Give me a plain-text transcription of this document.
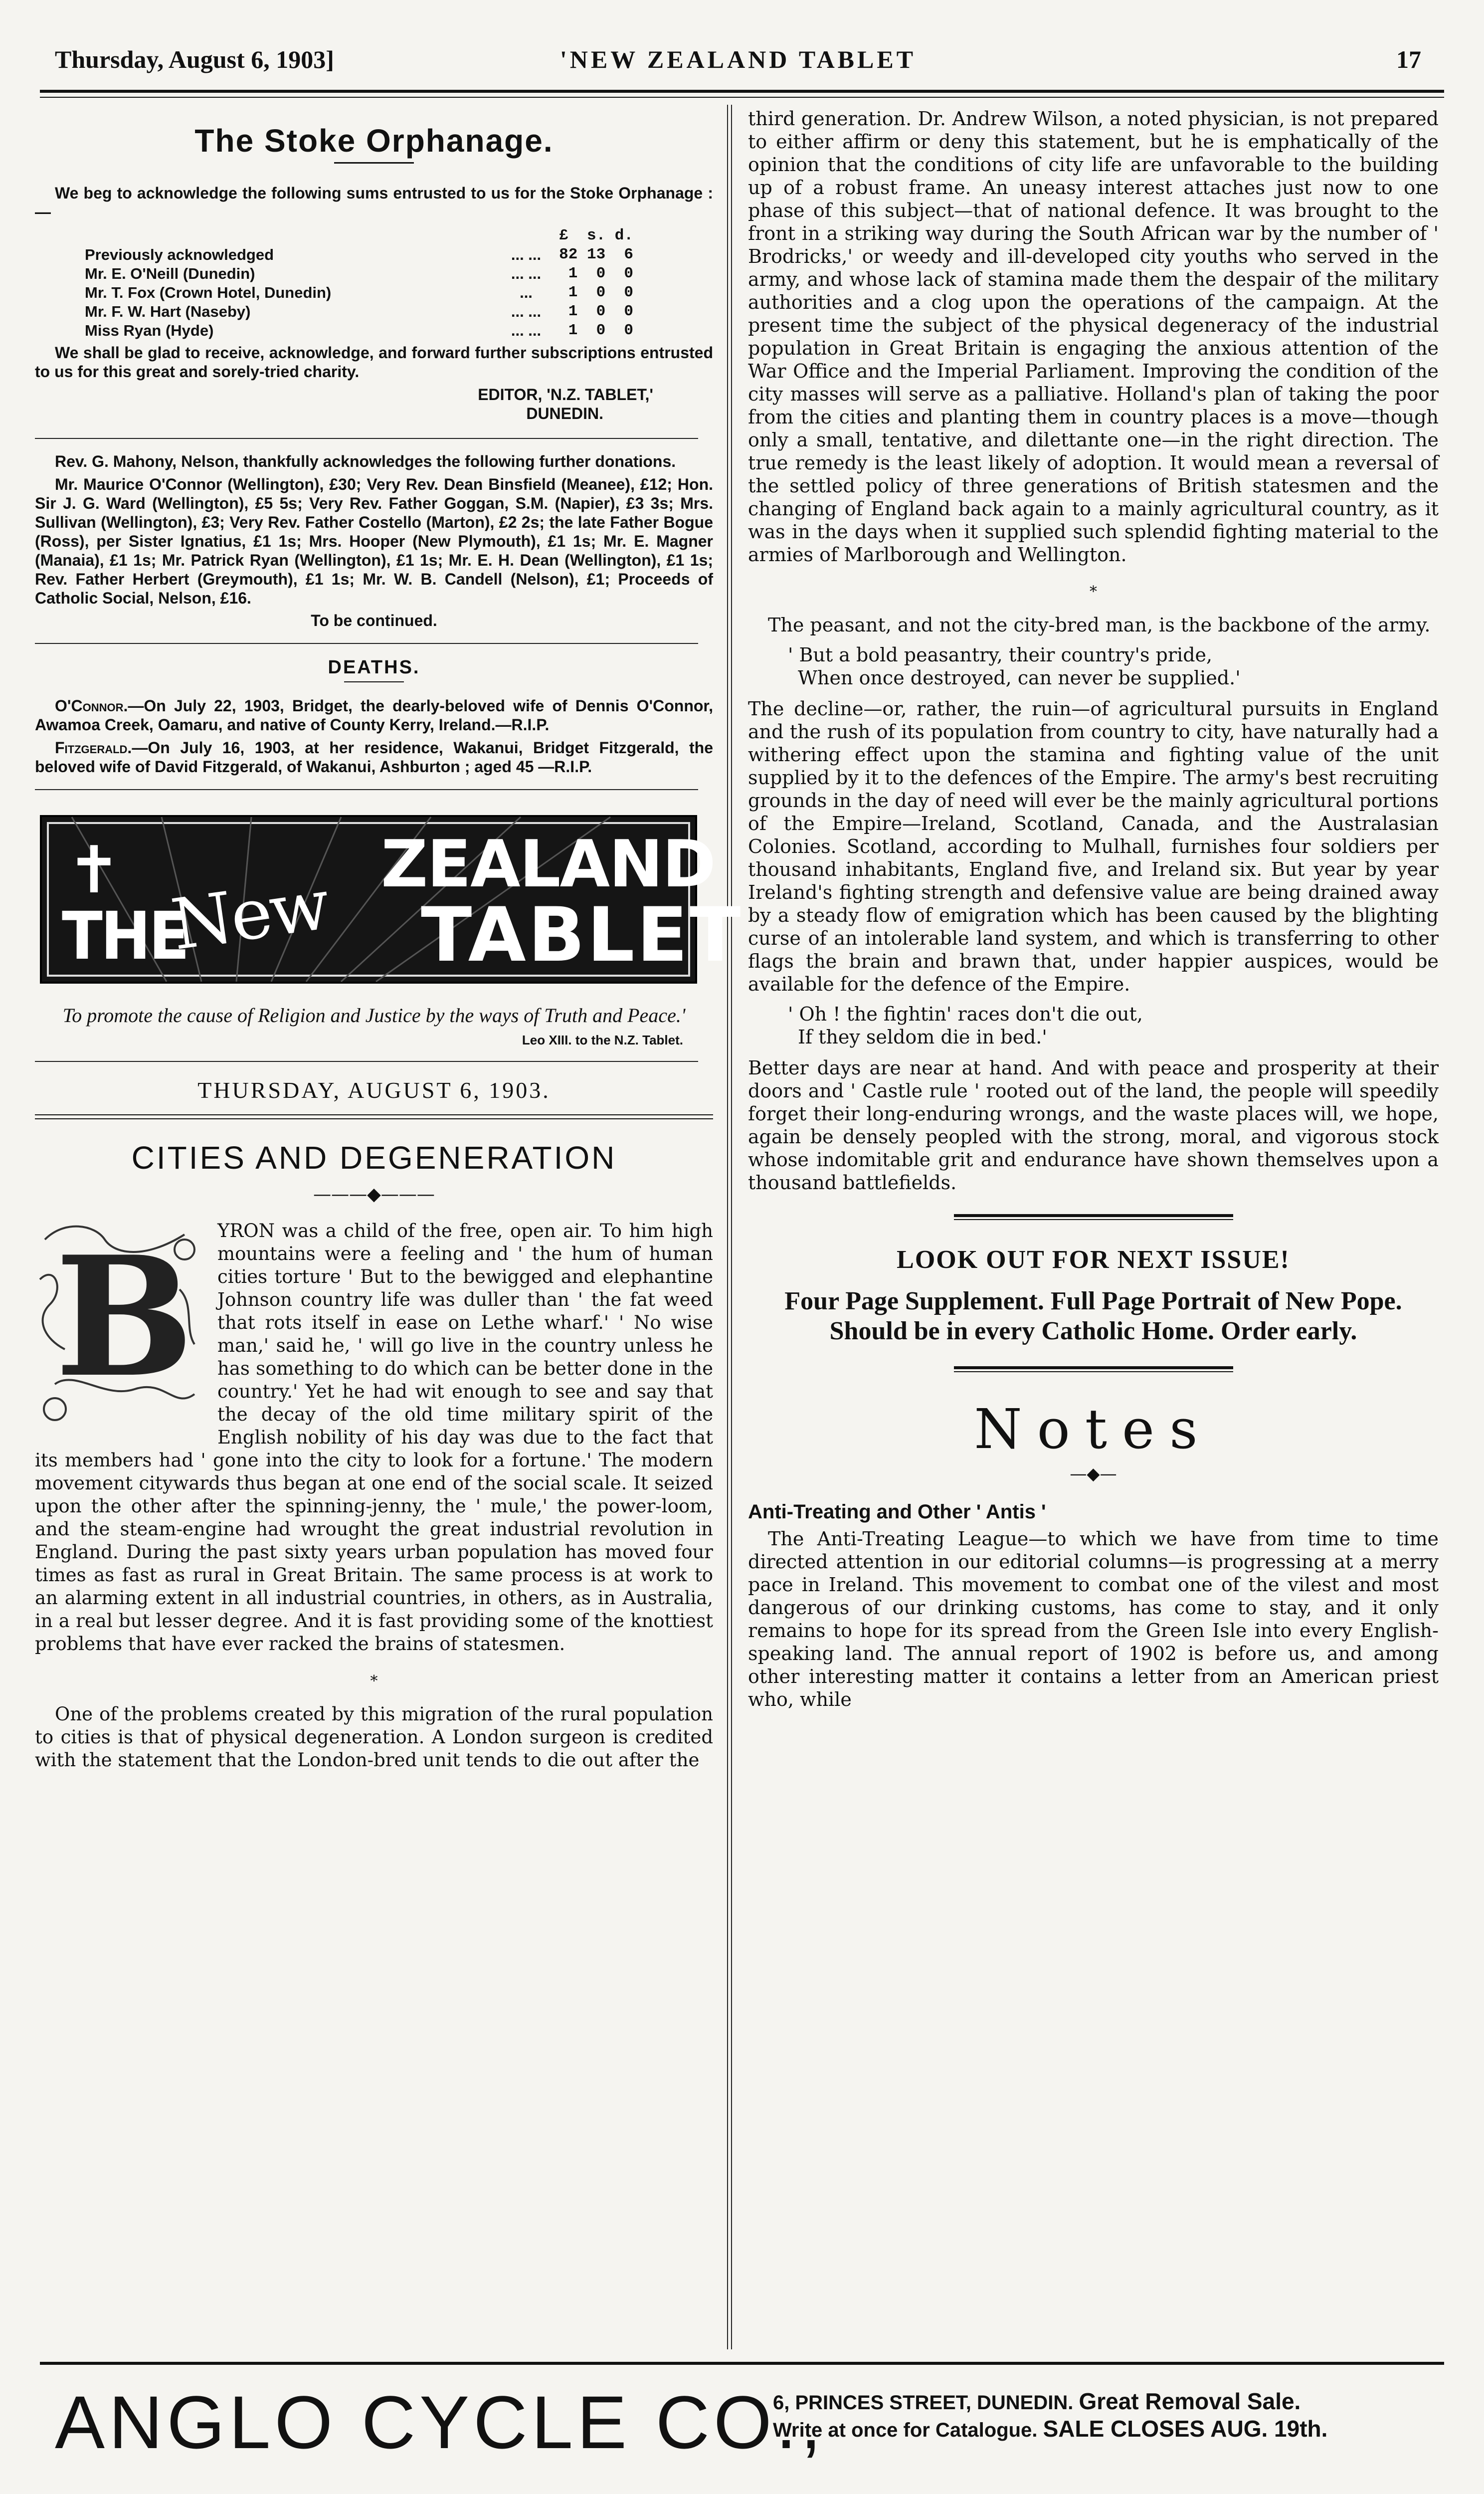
Thursday, August 6, 1903]	'NEW ZEALAND TABLET	17
The Stoke Orphanage.

We beg to acknowledge the following sums entrusted to us for the Stoke Orphanage :—

		£  s. d.
Previously acknowledged	... ...	82 13  6
Mr. E. O'Neill (Dunedin)	... ...	1  0  0
Mr. T. Fox (Crown Hotel, Dunedin)	...	1  0  0
Mr. F. W. Hart (Naseby)	... ...	1  0  0
Miss Ryan (Hyde)	... ...	1  0  0

We shall be glad to receive, acknowledge, and forward further subscriptions entrusted to us for this great and sorely-tried charity.

EDITOR, 'N.Z. TABLET,'
DUNEDIN.

Rev. G. Mahony, Nelson, thankfully acknowledges the following further donations.

Mr. Maurice O'Connor (Wellington), £30; Very Rev. Dean Binsfield (Meanee), £12; Hon. Sir J. G. Ward (Wellington), £5 5s; Very Rev. Father Goggan, S.M. (Napier), £3 3s; Mrs. Sullivan (Wellington), £3; Very Rev. Father Costello (Marton), £2 2s; the late Father Bogue (Ross), per Sister Ignatius, £1 1s; Mrs. Hooper (New Plymouth), £1 1s; Mr. E. Magner (Manaia), £1 1s; Mr. Patrick Ryan (Wellington), £1 1s; Mr. E. H. Dean (Wellington), £1 1s; Rev. Father Herbert (Greymouth), £1 1s; Mr. W. B. Candell (Nelson), £1; Proceeds of Catholic Social, Nelson, £16.

To be continued.
DEATHS.

O'Connor.—On July 22, 1903, Bridget, the dearly-beloved wife of Dennis O'Connor, Awamoa Creek, Oamaru, and native of County Kerry, Ireland.—R.I.P.

Fitzgerald.—On July 16, 1903, at her residence, Wakanui, Bridget Fitzgerald, the beloved wife of David Fitzgerald, of Wakanui, Ashburton ; aged 45 —R.I.P.

✝
THE
New ZEALAND
TABLET
To promote the cause of Religion and Justice by the ways of Truth and Peace.'
Leo XIII. to the N.Z. Tablet.
THURSDAY, AUGUST 6, 1903.
CITIES AND DEGENERATION
———◆———
B	YRON was a child of the free, open air. To him high mountains were a feeling and ' the hum of human cities torture ' But to the bewigged and elephantine Johnson country life was duller than ' the fat weed that rots itself in ease on Lethe wharf.' ' No wise man,' said he, ' will go live in the country unless he has something to do which can be better done in the country.' Yet he had wit enough to see and say that the decay of the old time military spirit of the English nobility of his day was due to the fact that its members had ' gone into the city to look for a fortune.' The modern movement citywards thus began at one end of the social scale. It seized upon the other after the spinning-jenny, the ' mule,' the power-loom, and the steam-engine had wrought the great industrial revolution in England. During the past sixty years urban population has moved four times as fast as rural in Great Britain. The same process is at work to an alarming extent in all industrial countries, in others, as in Australia, in a real but lesser degree. And it is fast providing some of the knottiest problems that have ever racked the brains of statesmen.

*

One of the problems created by this migration of the rural population to cities is that of physical degeneration. A London surgeon is credited with the statement that the London-bred unit tends to die out after the

third generation. Dr. Andrew Wilson, a noted physician, is not prepared to either affirm or deny this statement, but he is emphatically of the opinion that the conditions of city life are unfavorable to the building up of a robust frame. An uneasy interest attaches just now to one phase of this subject—that of national defence. It was brought to the front in a striking way during the South African war by the number of ' Brodricks,' or weedy and ill-developed city youths who served in the army, and whose lack of stamina made them the despair of the military authorities and a clog upon the operations of the campaign. At the present time the subject of the physical degeneracy of the industrial population in Great Britain is engaging the anxious attention of the War Office and the Imperial Parliament. Improving the condition of the city masses will serve as a palliative. Holland's plan of taking the poor from the cities and planting them in country places is a move—though only a small, tentative, and dilettante one—in the right direction. The true remedy is the least likely of adoption. It would mean a reversal of the settled policy of three generations of British statesmen and the changing of England back again to a mainly agricultural country, as it was in the days when it supplied such splendid fighting material to the armies of Marlborough and Wellington.

*

The peasant, and not the city-bred man, is the backbone of the army.

' But a bold peasantry, their country's pride,
When once destroyed, can never be supplied.'

The decline—or, rather, the ruin—of agricultural pursuits in England and the rush of its population from country to city, have naturally had a withering effect upon the stamina and fighting value of the unit supplied by it to the defences of the Empire. The army's best recruiting grounds in the day of need will ever be the mainly agricultural portions of the Empire—Ireland, Scotland, Canada, and the Australasian Colonies. Scotland, according to Mulhall, furnishes four soldiers per thousand inhabitants, England five, and Ireland six. But year by year Ireland's fighting strength and defensive value are being drained away by a steady flow of emigration which has been caused by the blighting curse of an intolerable land system, and which is transferring to other flags the brain and brawn that, under happier auspices, would be available for the defence of the Empire.

' Oh ! the fightin' races don't die out,
If they seldom die in bed.'

Better days are near at hand. And with peace and prosperity at their doors and ' Castle rule ' rooted out of the land, the people will speedily forget their long-enduring wrongs, and the waste places will, we hope, again be densely peopled with the strong, moral, and vigorous stock whose indomitable grit and endurance have shown themselves upon a thousand battlefields.

LOOK OUT FOR NEXT ISSUE!
Four Page Supplement. Full Page Portrait of New Pope. Should be in every Catholic Home. Order early.
Notes
—◆—
Anti-Treating and Other ' Antis '

The Anti-Treating League—to which we have from time to time directed attention in our editorial columns—is progressing at a merry pace in Ireland. This movement to combat one of the vilest and most dangerous of our drinking customs, has come to stay, and it only remains to hope for its spread from the Green Isle into every English-speaking land. The annual report of 1902 is before us, and among other interesting matter it contains a letter from an American priest who, while

ANGLO CYCLE CO.,
6, PRINCES STREET, DUNEDIN. Great Removal Sale.
Write at once for Catalogue. SALE CLOSES AUG. 19th.
